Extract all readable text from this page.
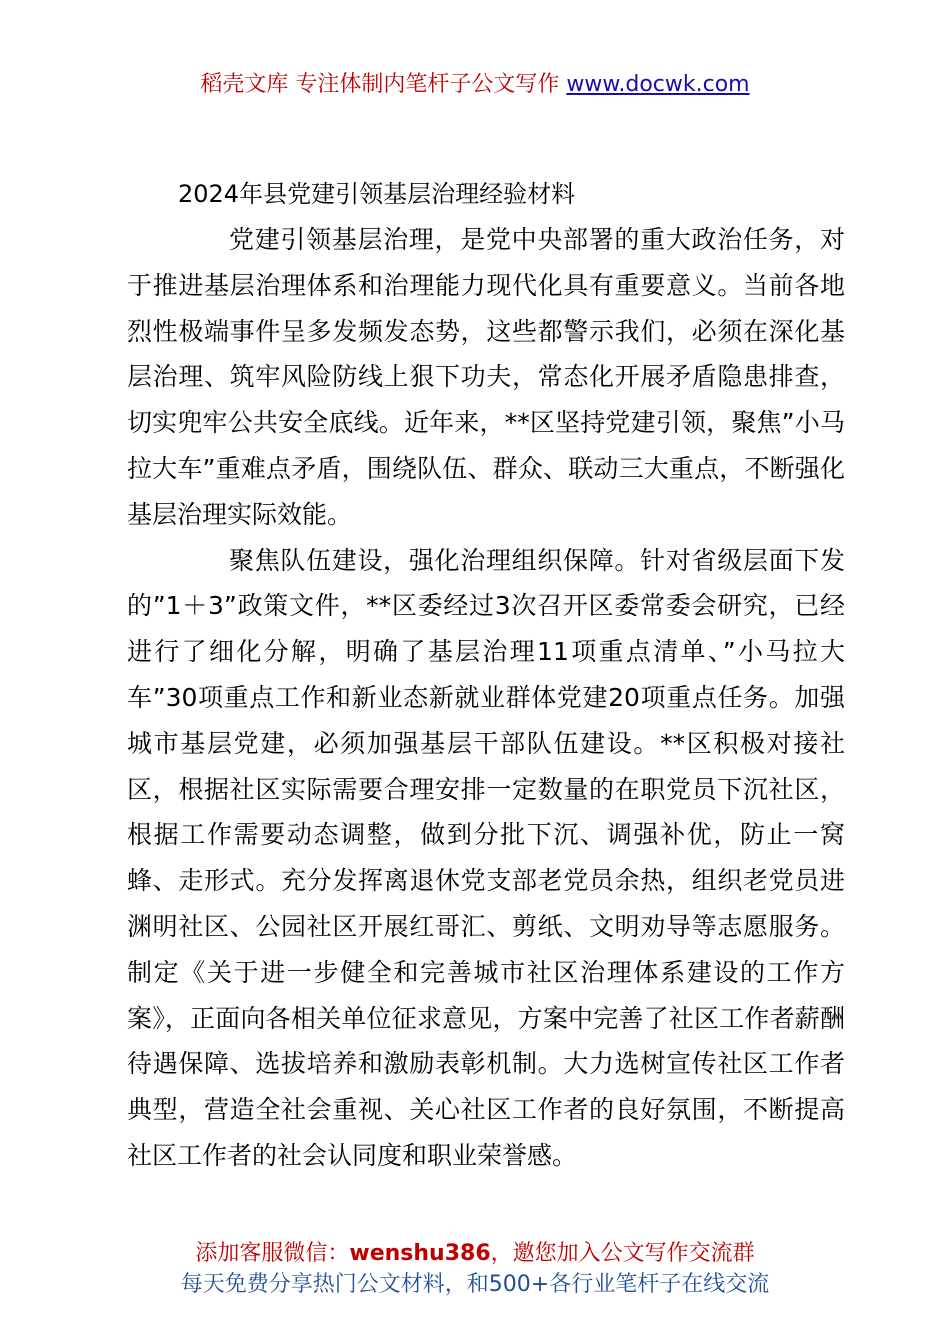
稻壳文库 专注体制内笔杆子公文写作 www.docwk.com
2024年县党建引领基层治理经验材料

党建引领基层治理，是党中央部署的重大政治任务，对于推进基层治理体系和治理能力现代化具有重要意义。当前各地烈性极端事件呈多发频发态势，这些都警示我们，必须在深化基层治理、筑牢风险防线上狠下功夫，常态化开展矛盾隐患排查，切实兜牢公共安全底线。近年来，**区坚持党建引领，聚焦”小马拉大车”重难点矛盾，围绕队伍、群众、联动三大重点，不断强化基层治理实际效能。

聚焦队伍建设，强化治理组织保障。针对省级层面下发的”1＋3”政策文件，**区委经过3次召开区委常委会研究，已经进行了细化分解，明确了基层治理11项重点清单、”小马拉大车”30项重点工作和新业态新就业群体党建20项重点任务。加强城市基层党建，必须加强基层干部队伍建设。**区积极对接社区，根据社区实际需要合理安排一定数量的在职党员下沉社区，根据工作需要动态调整，做到分批下沉、调强补优，防止一窝蜂、走形式。充分发挥离退休党支部老党员余热，组织老党员进渊明社区、公园社区开展红哥汇、剪纸、文明劝导等志愿服务。制定《关于进一步健全和完善城市社区治理体系建设的工作方案》，正面向各相关单位征求意见，方案中完善了社区工作者薪酬待遇保障、选拔培养和激励表彰机制。大力选树宣传社区工作者典型，营造全社会重视、关心社区工作者的良好氛围，不断提高社区工作者的社会认同度和职业荣誉感。

添加客服微信：wenshu386，邀您加入公文写作交流群
每天免费分享热门公文材料，和500+各行业笔杆子在线交流
